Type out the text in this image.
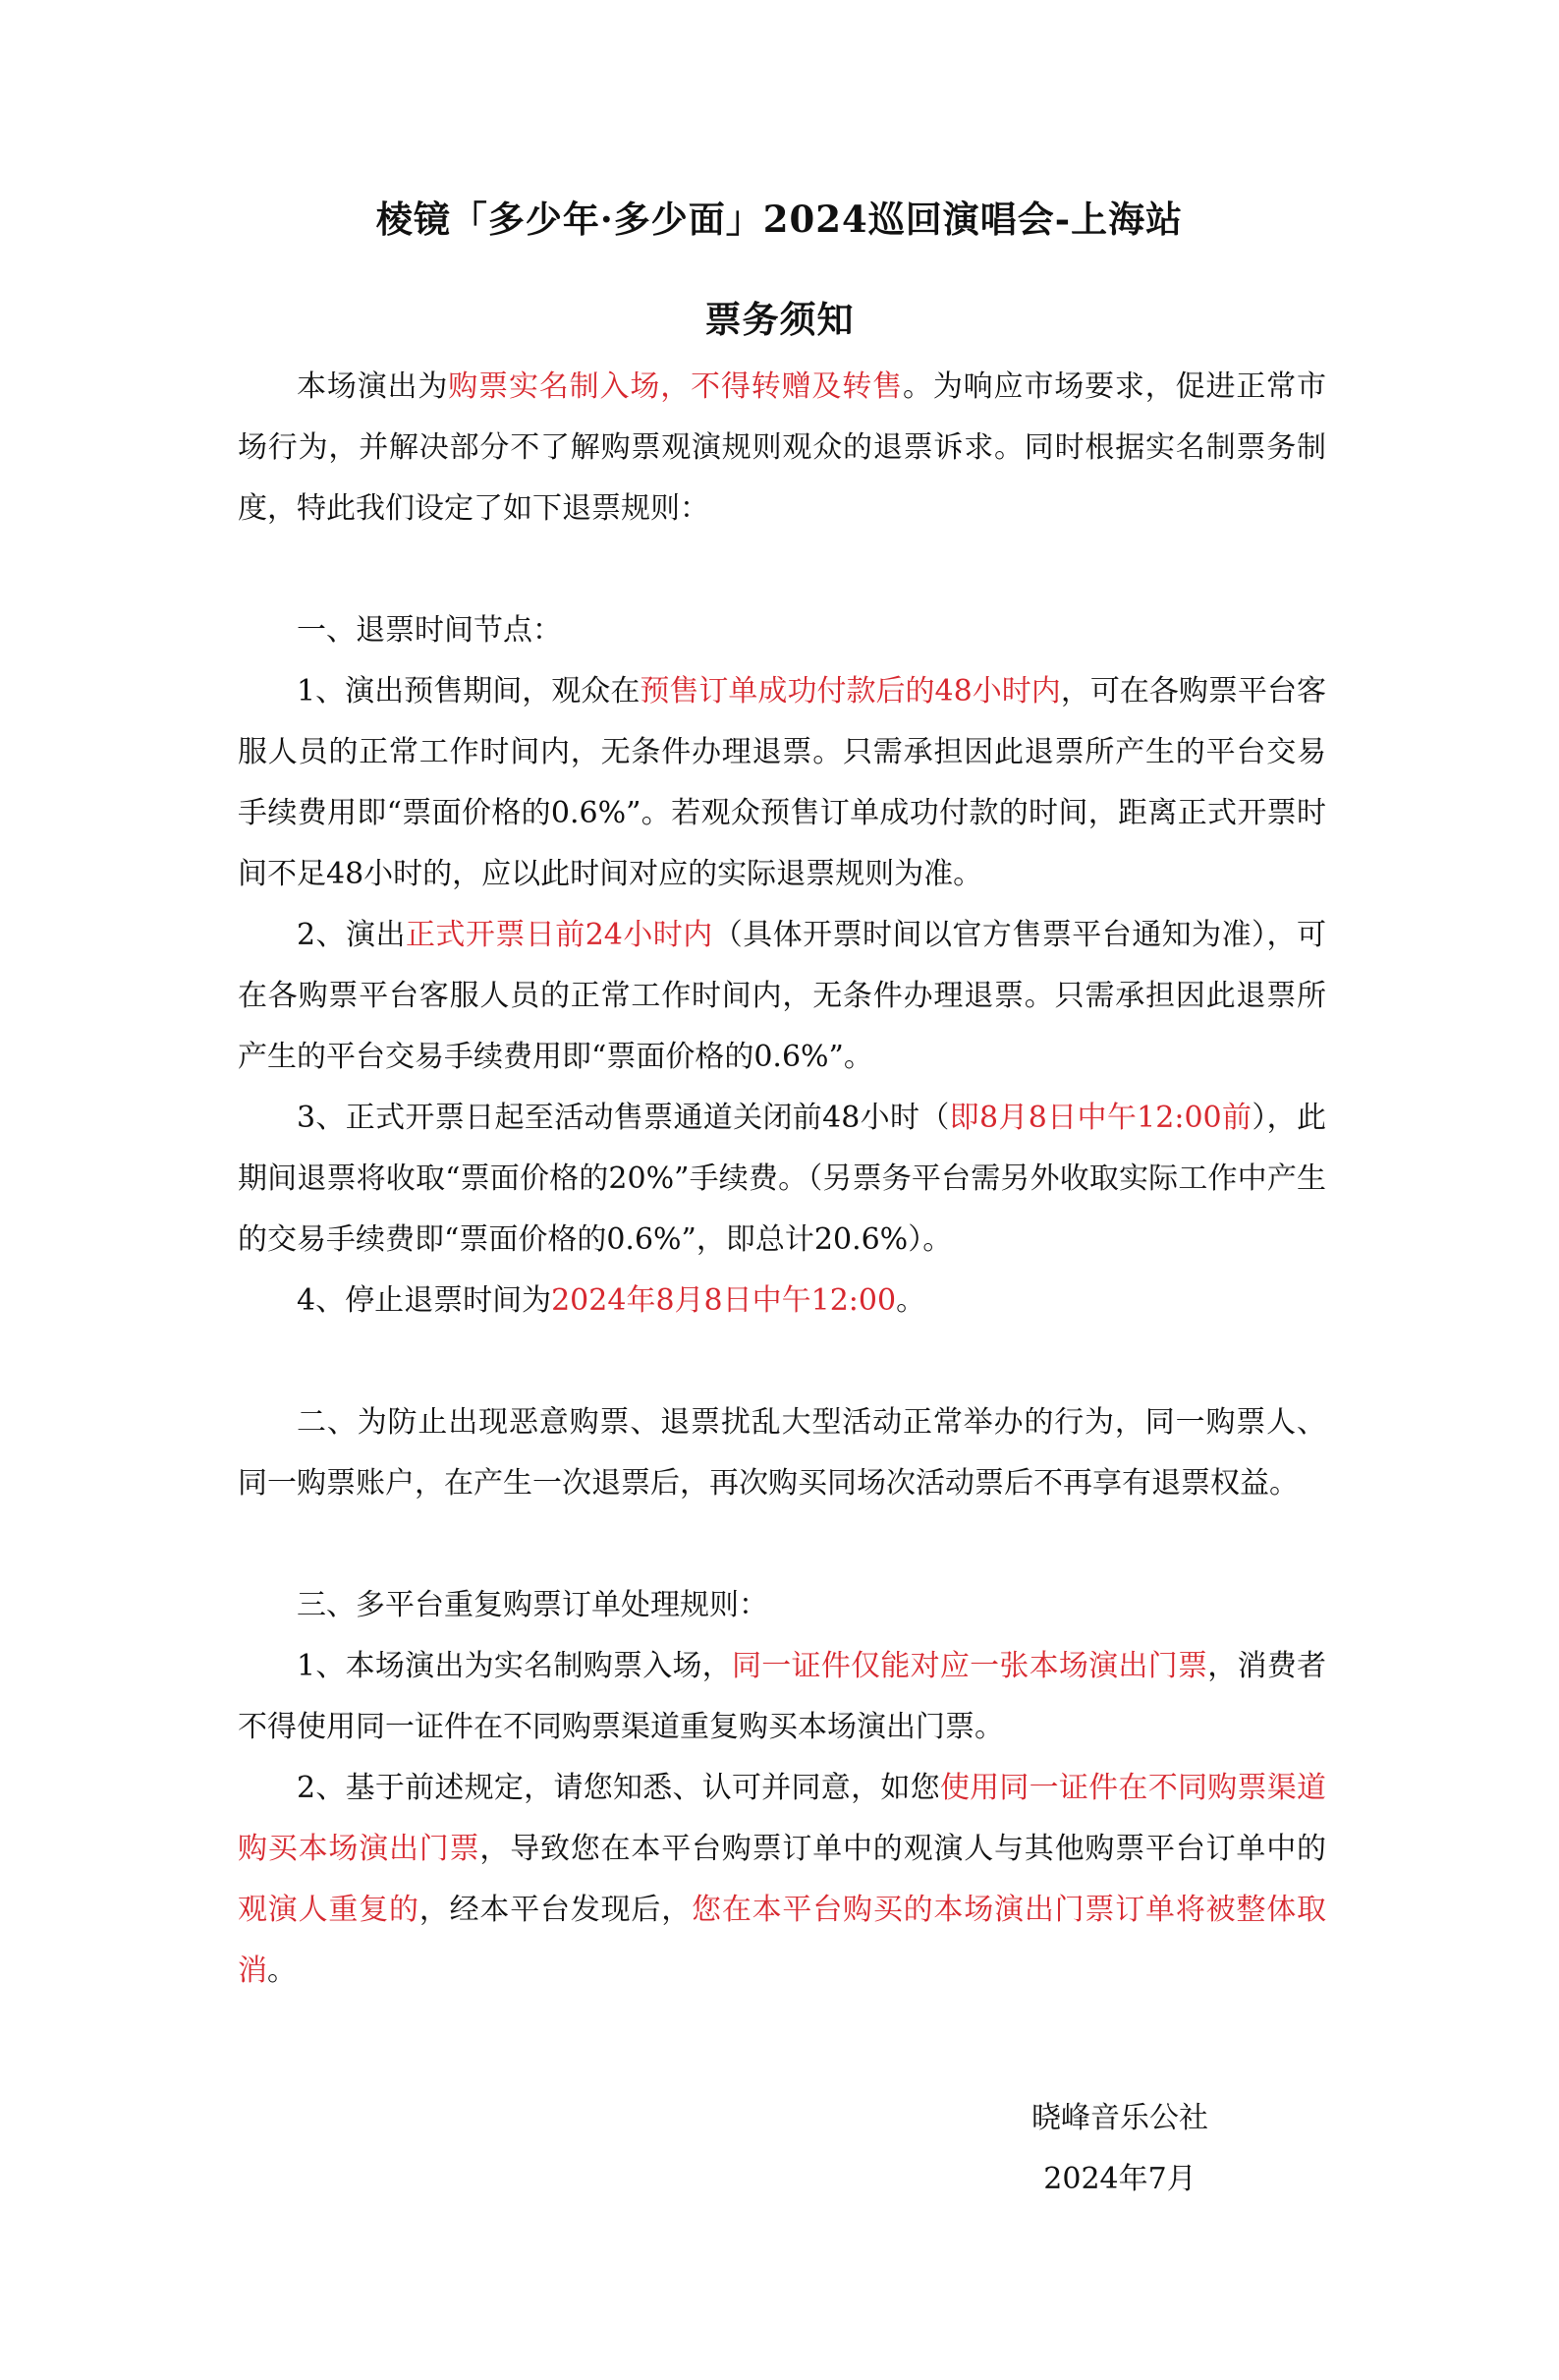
棱镜「多少年·多少面」2024巡回演唱会-上海站
票务须知

本场演出为购票实名制入场，不得转赠及转售。为响应市场要求，促进正常市场行为，并解决部分不了解购票观演规则观众的退票诉求。同时根据实名制票务制度，特此我们设定了如下退票规则：

一、退票时间节点：

1、演出预售期间，观众在预售订单成功付款后的48小时内，可在各购票平台客服人员的正常工作时间内，无条件办理退票。只需承担因此退票所产生的平台交易手续费用即“票面价格的0.6%”。若观众预售订单成功付款的时间，距离正式开票时间不足48小时的，应以此时间对应的实际退票规则为准。

2、演出正式开票日前24小时内（具体开票时间以官方售票平台通知为准），可在各购票平台客服人员的正常工作时间内，无条件办理退票。只需承担因此退票所产生的平台交易手续费用即“票面价格的0.6%”。

3、正式开票日起至活动售票通道关闭前48小时（即8月8日中午12:00前），此期间退票将收取“票面价格的20%”手续费。（另票务平台需另外收取实际工作中产生的交易手续费即“票面价格的0.6%”，即总计20.6%）。

4、停止退票时间为2024年8月8日中午12:00。

二、为防止出现恶意购票、退票扰乱大型活动正常举办的行为，同一购票人、同一购票账户，在产生一次退票后，再次购买同场次活动票后不再享有退票权益。

三、多平台重复购票订单处理规则：

1、本场演出为实名制购票入场，同一证件仅能对应一张本场演出门票，消费者不得使用同一证件在不同购票渠道重复购买本场演出门票。

2、基于前述规定，请您知悉、认可并同意，如您使用同一证件在不同购票渠道购买本场演出门票，导致您在本平台购票订单中的观演人与其他购票平台订单中的观演人重复的，经本平台发现后，您在本平台购买的本场演出门票订单将被整体取消。

晓峰音乐公社
2024年7月
